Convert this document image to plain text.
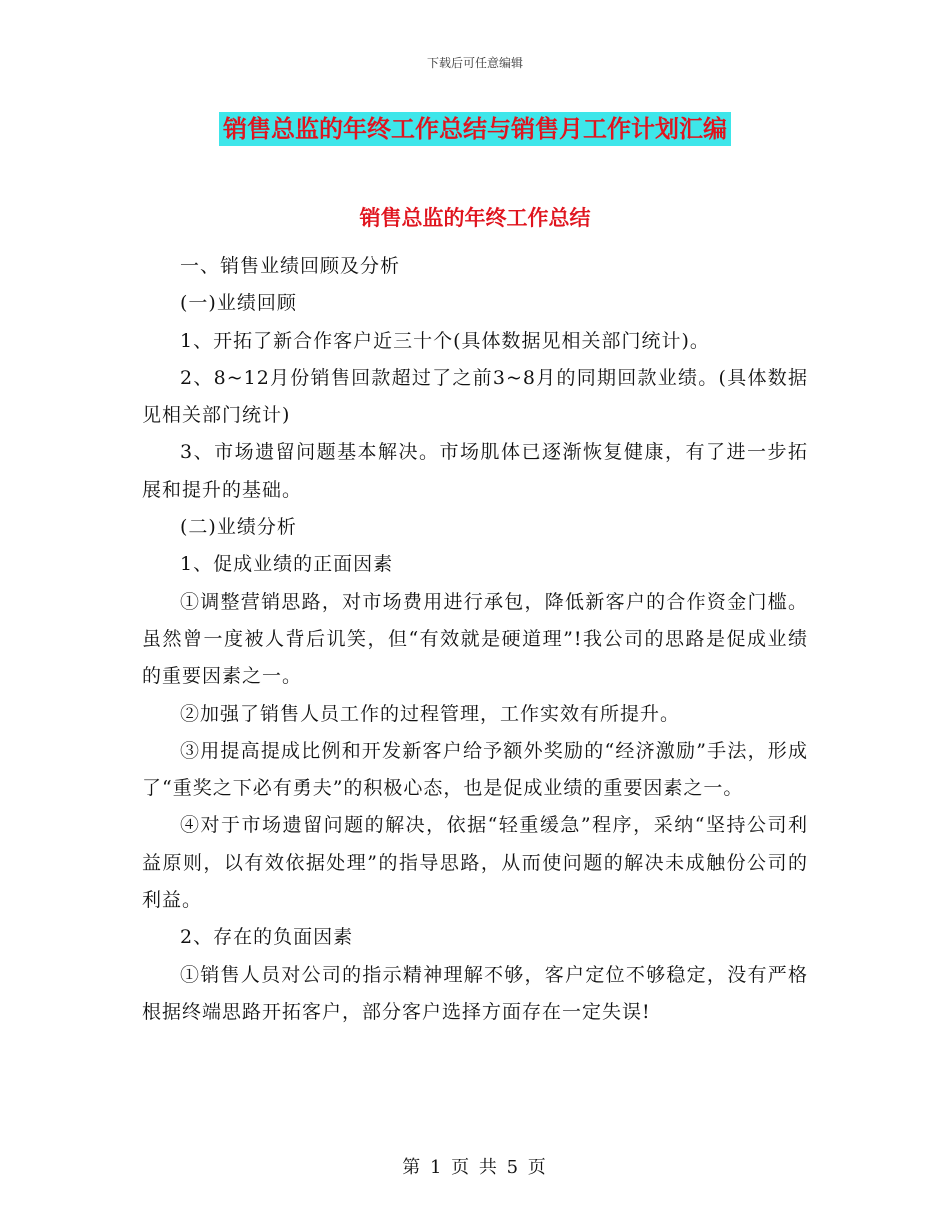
下载后可任意编辑
销售总监的年终工作总结与销售月工作计划汇编
销售总监的年终工作总结

一、销售业绩回顾及分析

(一)业绩回顾

1、开拓了新合作客户近三十个(具体数据见相关部门统计)。

2、8~12月份销售回款超过了之前3~8月的同期回款业绩。(具体数据见相关部门统计)

3、市场遗留问题基本解决。市场肌体已逐渐恢复健康，有了进一步拓展和提升的基础。

(二)业绩分析

1、促成业绩的正面因素

①调整营销思路，对市场费用进行承包，降低新客户的合作资金门槛。虽然曾一度被人背后讥笑，但“有效就是硬道理”!我公司的思路是促成业绩的重要因素之一。

②加强了销售人员工作的过程管理，工作实效有所提升。

③用提高提成比例和开发新客户给予额外奖励的“经济激励”手法，形成了“重奖之下必有勇夫”的积极心态，也是促成业绩的重要因素之一。

④对于市场遗留问题的解决，依据“轻重缓急”程序，采纳“坚持公司利益原则，以有效依据处理”的指导思路，从而使问题的解决未成触份公司的利益。

2、存在的负面因素

①销售人员对公司的指示精神理解不够，客户定位不够稳定，没有严格根据终端思路开拓客户，部分客户选择方面存在一定失误!

第 1 页 共 5 页
